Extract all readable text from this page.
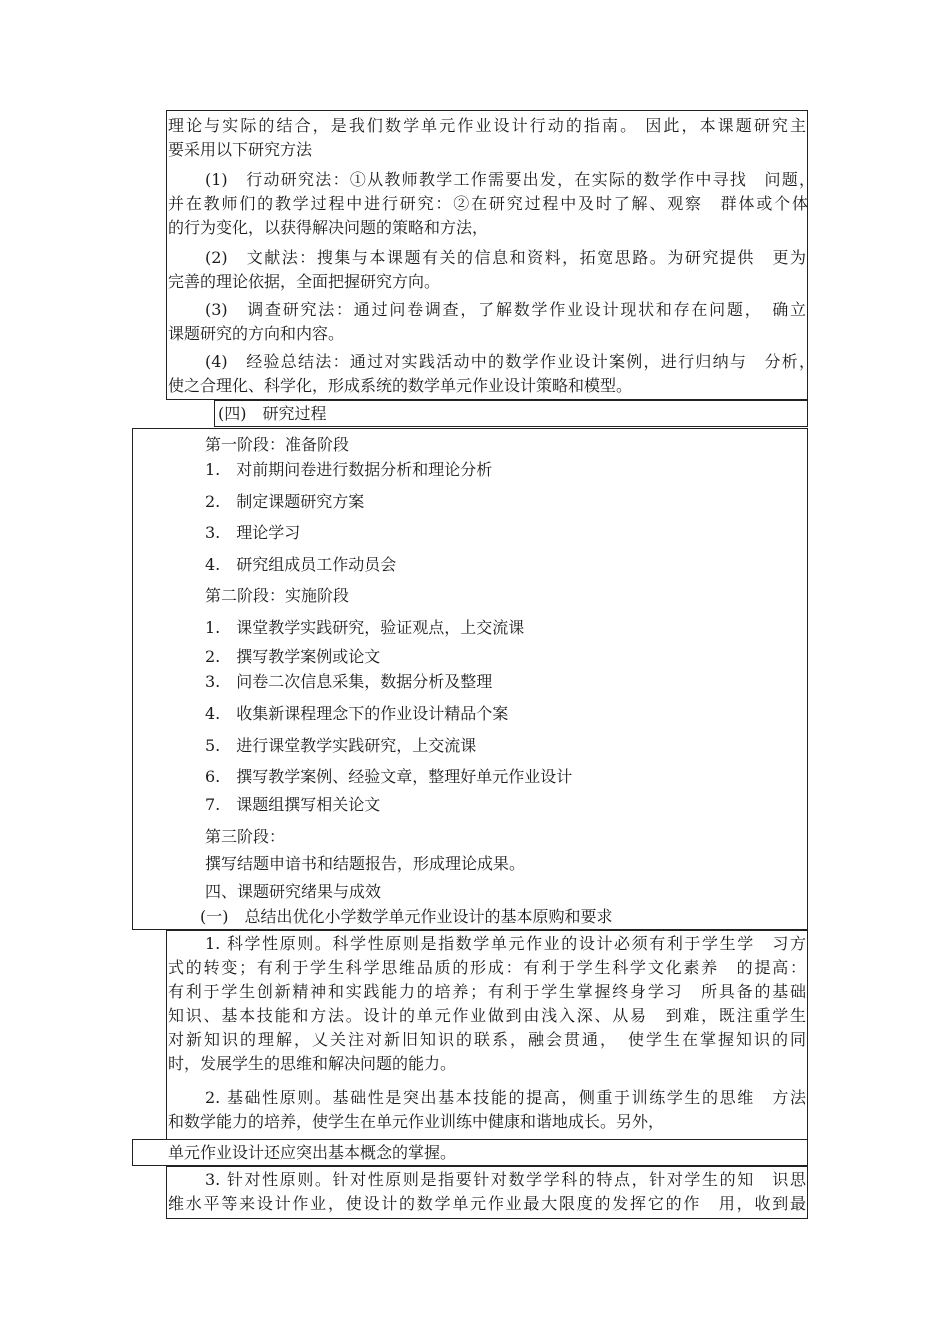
理论与实际的结合，是我们数学单元作业设计行动的指南。 因此，本课题研究主
要采用以下研究方法
(1)　行动研究法：①从教师教学工作需要出发，在实际的数学作中寻找　问题，
并在教师们的教学过程中进行研究：②在研究过程中及时了解、观察　群体或个体
的行为变化，以获得解决问题的策略和方法，
(2)　文献法：搜集与本课题有关的信息和资料，拓宽思路。为研究提供　更为
完善的理论依据，全面把握研究方向。
(3)　调查研究法：通过问卷调查，了解数学作业设计现状和存在问题，　确立
课题研究的方向和内容。
(4)　经验总结法：通过对实践活动中的数学作业设计案例，进行归纳与　分析，
使之合理化、科学化，形成系统的数学单元作业设计策略和模型。
(四)　研究过程
第一阶段：准备阶段
1.　对前期问卷进行数据分析和理论分析
2.　制定课题研究方案
3.　理论学习
4.　研究组成员工作动员会
第二阶段：实施阶段
1.　课堂教学实践研究，验证观点，上交流课
2.　撰写教学案例或论文
3.　问卷二次信息采集，数据分析及整理
4.　收集新课程理念下的作业设计精品个案
5.　进行课堂教学实践研究，上交流课
6.　撰写教学案例、经验文章，整理好单元作业设计
7.　课题组撰写相关论文
第三阶段：
撰写结题申谙书和结题报告，形成理论成果。
四、课题研究绪果与成效
(一)　总结出优化小学数学单元作业设计的基本原购和要求
1. 科学性原则。科学性原则是指数学单元作业的设计必须有利于学生学　习方
式的转变；有利于学生科学思维品质的形成：有利于学生科学文化素养　的提高：
有利于学生创新精神和实践能力的培养；有利于学生掌握终身学习　所具备的基础
知识、基本技能和方法。设计的单元作业做到由浅入深、从易　到难，既注重学生
对新知识的理解，乂关注对新旧知识的联系，融会贯通，　使学生在掌握知识的同
时，发展学生的思维和解决问题的能力。
2. 基础性原则。基础性是突出基本技能的提高，侧重于训练学生的思维　方法
和数学能力的培养，使学生在单元作业训练中健康和谐地成长。另外，
单元作业设计还应突出基本概念的掌握。
3. 针对性原则。针对性原则是指要针对数学学科的特点，针对学生的知　识思
维水平等来设计作业，使设计的数学单元作业最大限度的发挥它的作　用，收到最
